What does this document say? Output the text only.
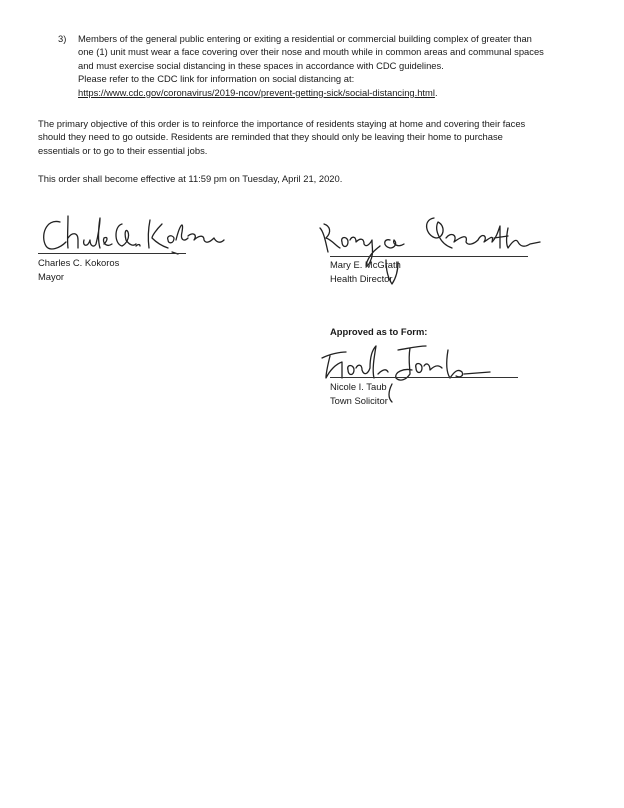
3) Members of the general public entering or exiting a residential or commercial building complex of greater than
one (1) unit must wear a face covering over their nose and mouth while in common areas and communal spaces
and must exercise social distancing in these spaces in accordance with CDC guidelines.
Please refer to the CDC link for information on social distancing at:
https://www.cdc.gov/coronavirus/2019-ncov/prevent-getting-sick/social-distancing.html.
The primary objective of this order is to reinforce the importance of residents staying at home and covering their faces
should they need to go outside. Residents are reminded that they should only be leaving their home to purchase
essentials or to go to their essential jobs.
This order shall become effective at 11:59 pm on Tuesday, April 21, 2020.
Charles C. Kokoros
Mayor
Mary E. McGrath
Health Director
Approved as to Form:
Nicole I. Taub
Town Solicitor
